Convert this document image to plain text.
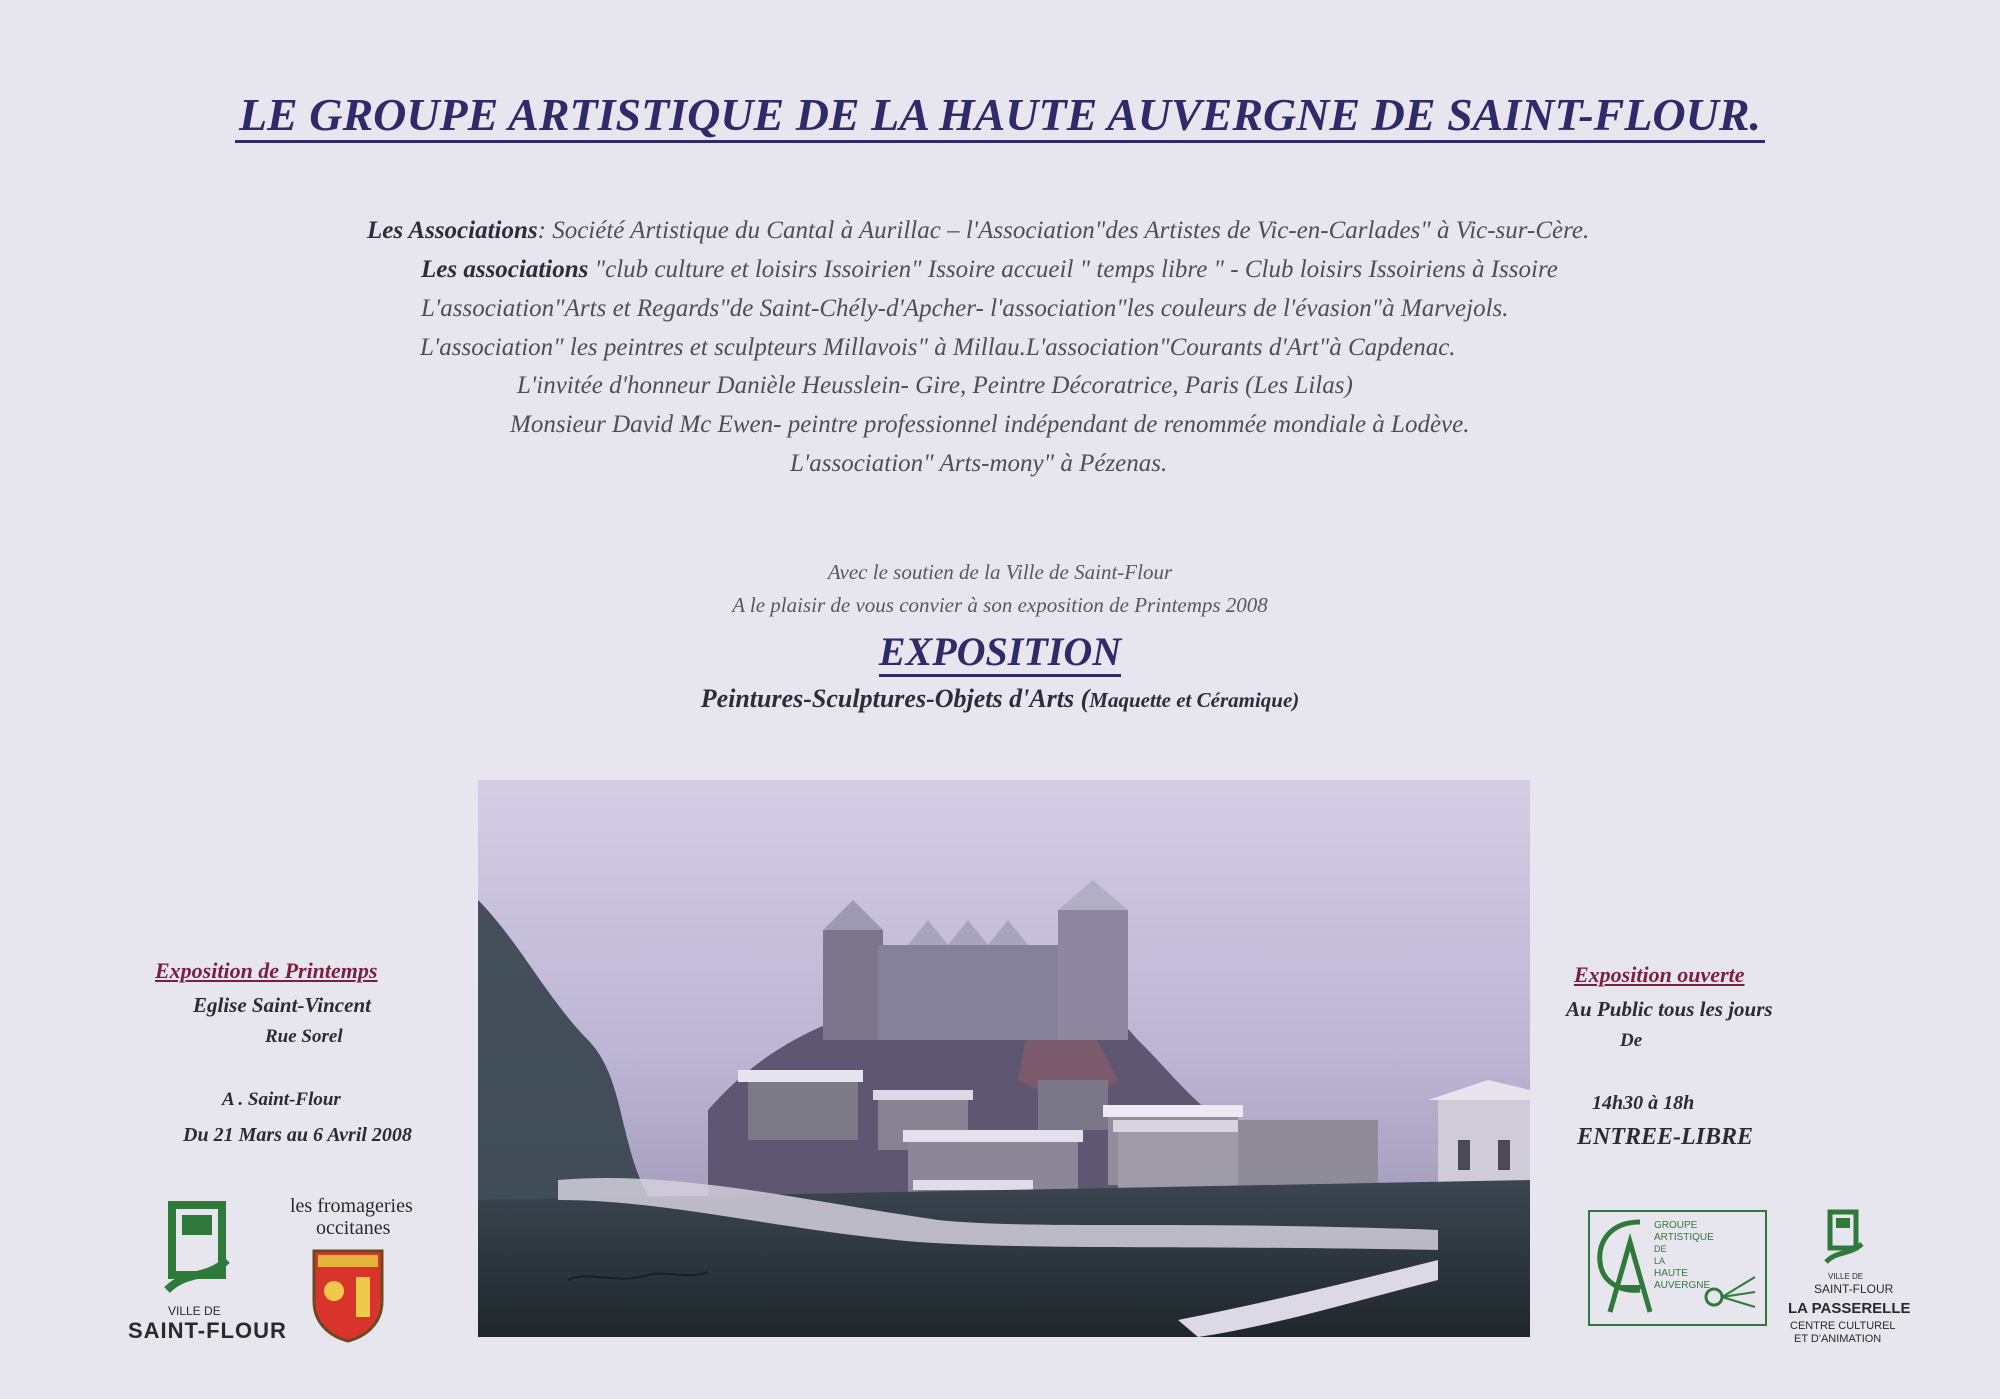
LE GROUPE ARTISTIQUE DE LA HAUTE AUVERGNE DE SAINT-FLOUR.
Les Associations: Société Artistique du Cantal à Aurillac – l'Association"des Artistes de Vic-en-Carlades" à Vic-sur-Cère.
Les associations "club culture et loisirs Issoirien" Issoire accueil " temps libre " - Club loisirs Issoiriens à Issoire
L'association"Arts et Regards"de Saint-Chély-d'Apcher- l'association"les couleurs de l'évasion"à Marvejols.
L'association" les peintres et sculpteurs Millavois" à Millau.L'association"Courants d'Art"à Capdenac.
L'invitée d'honneur Danièle Heusslein- Gire, Peintre Décoratrice, Paris (Les Lilas)
Monsieur David Mc Ewen- peintre professionnel indépendant de renommée mondiale à Lodève.
L'association" Arts-mony" à Pézenas.
Avec le soutien de la Ville de Saint-Flour
A le plaisir de vous convier à son exposition de Printemps 2008
EXPOSITION
Peintures-Sculptures-Objets d'Arts (Maquette et Céramique)
Exposition de Printemps
Eglise Saint-Vincent
Rue Sorel
A . Saint-Flour
Du 21 Mars au 6 Avril 2008
Exposition ouverte
Au Public tous les jours
De
14h30 à 18h
ENTREE-LIBRE
VILLE DE
SAINT-FLOUR
les fromageries
occitanes	GROUPE
ARTISTIQUE
DE
LA
HAUTE
AUVERGNE
VILLE DE
SAINT-FLOUR
LA PASSERELLE
CENTRE CULTUREL
ET D'ANIMATION
